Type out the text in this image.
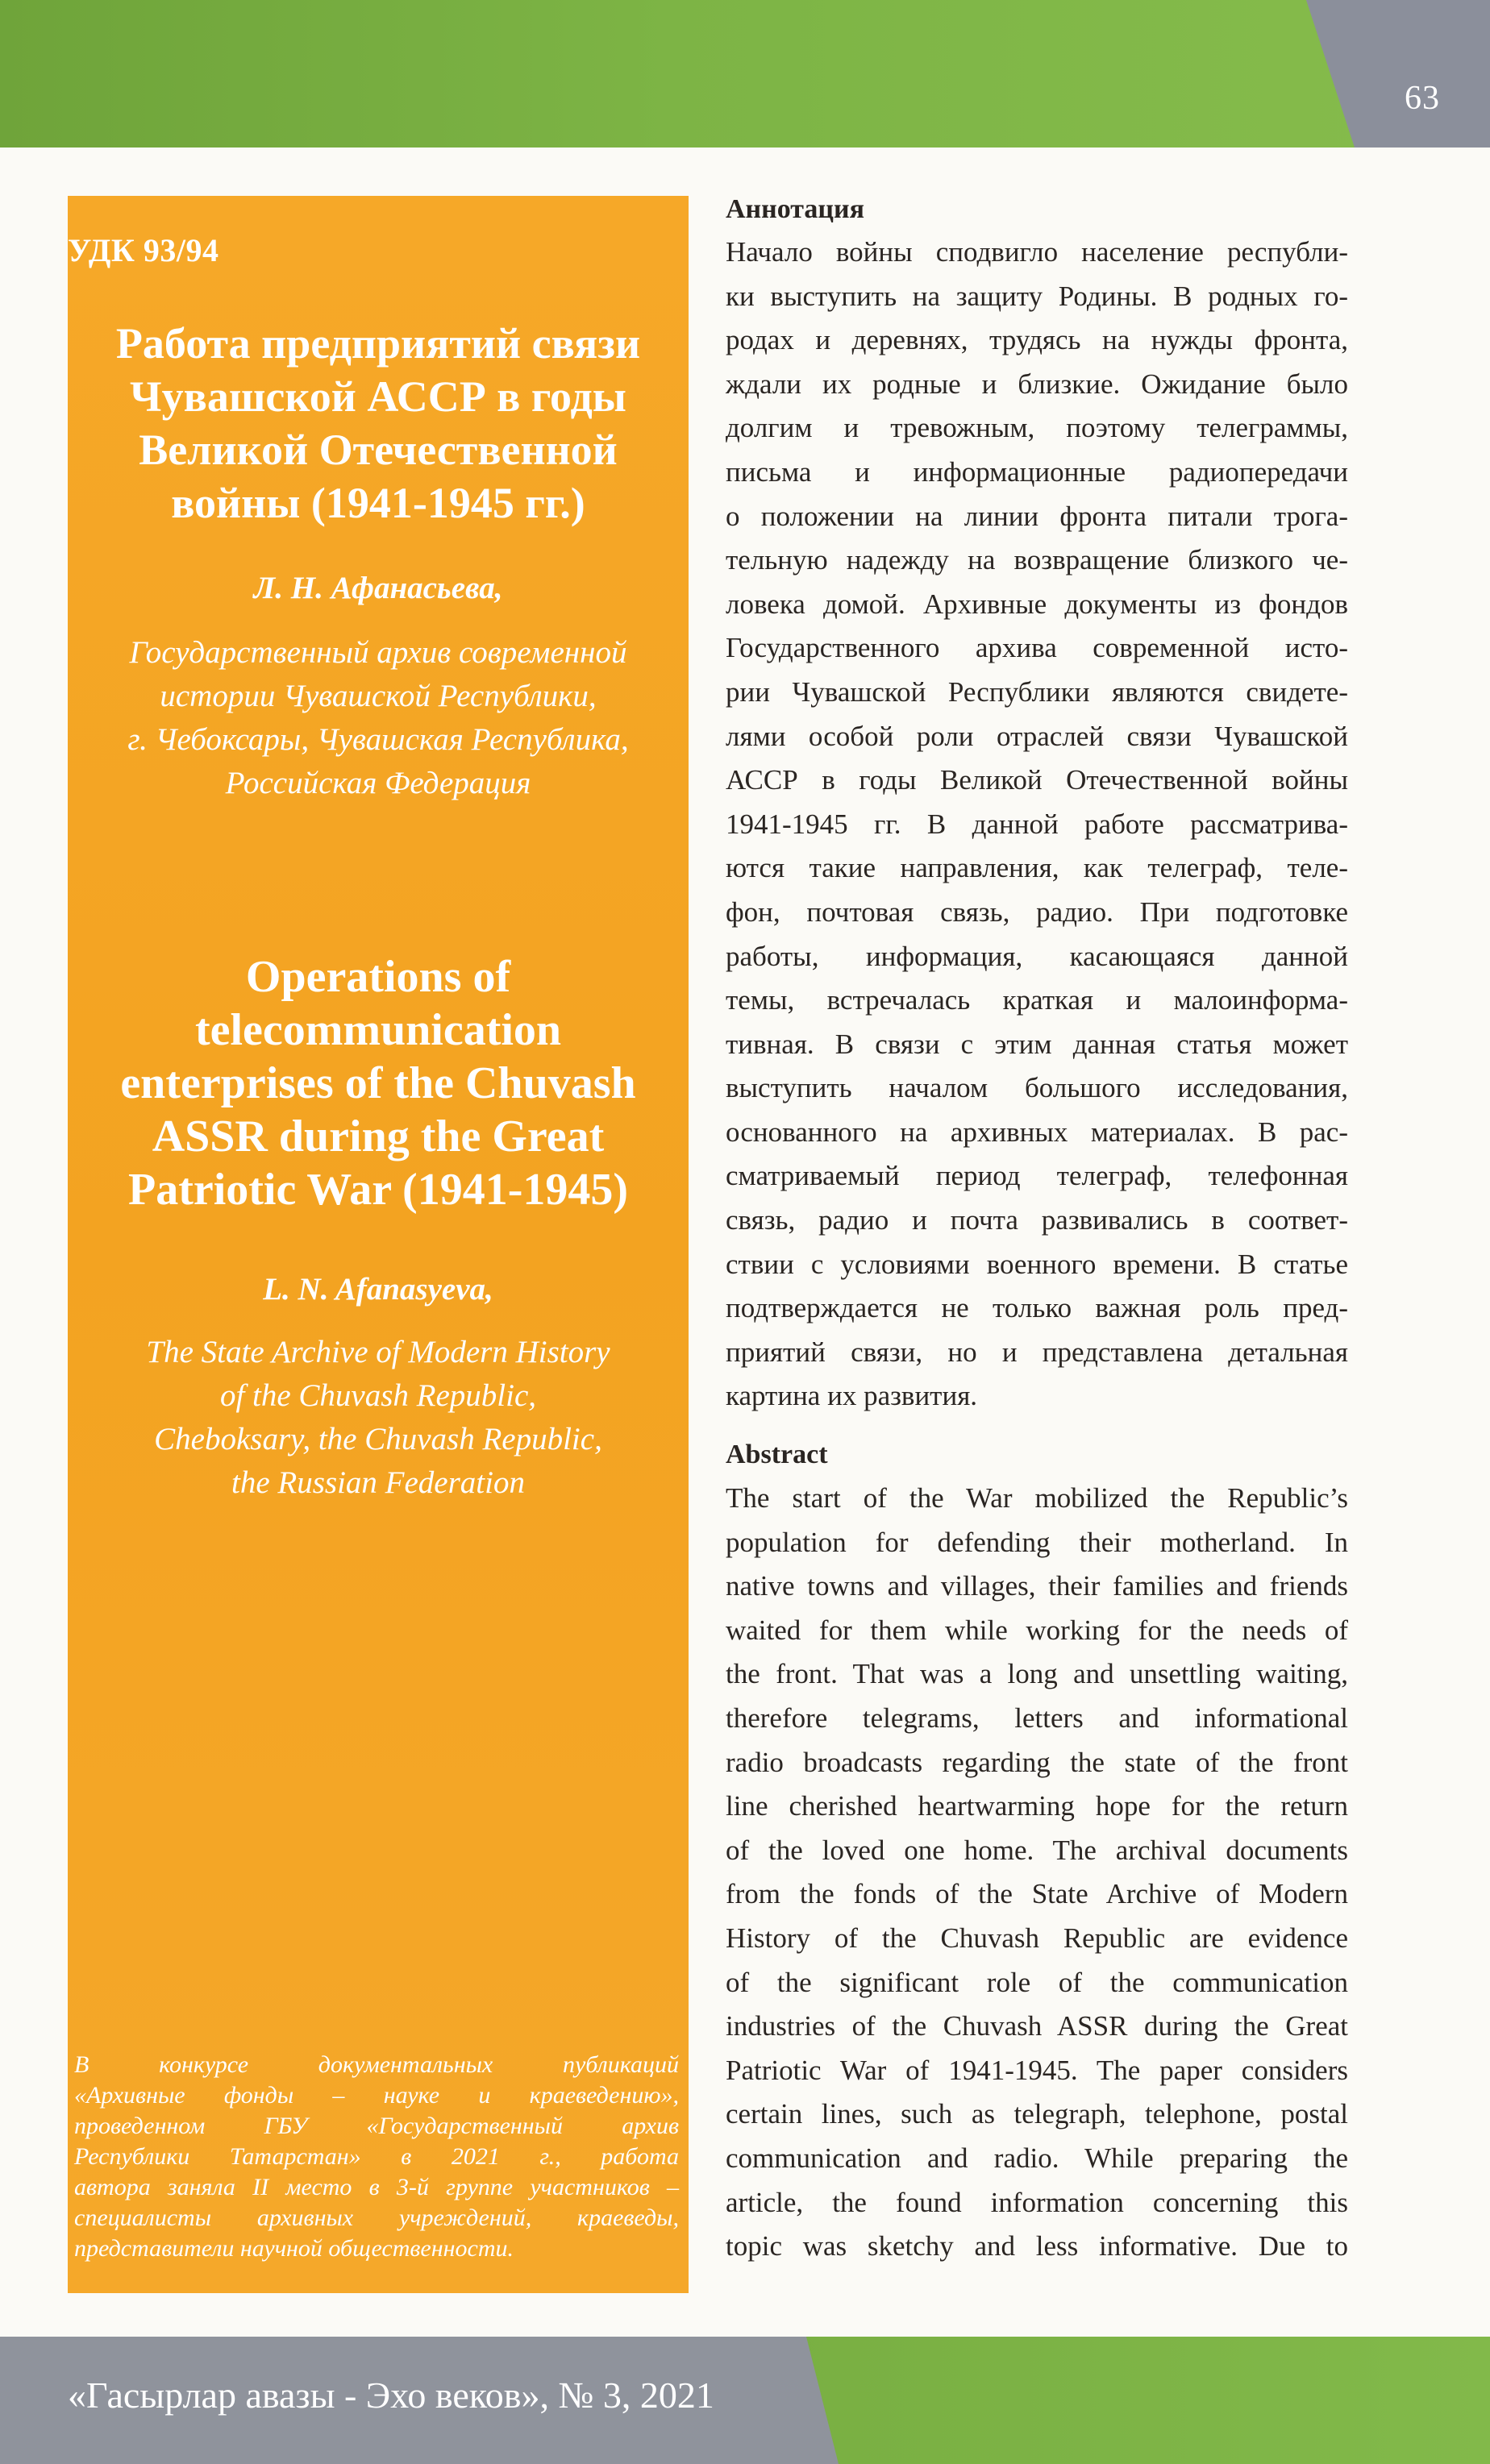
63
УДК 93/94
Работа предприятий связи
Чувашской АССР в годы
Великой Отечественной
войны (1941-1945 гг.)
Л. Н. Афанасьева,
Государственный архив современной
истории Чувашской Республики,
г. Чебоксары, Чувашская Республика,
Российская Федерация
Operations of
telecommunication
enterprises of the Chuvash
ASSR during the Great
Patriotic War (1941-1945)
L. N. Afanasyeva,
The State Archive of Modern History
of the Chuvash Republic,
Cheboksary, the Chuvash Republic,
the Russian Federation
В конкурсе документальных публикаций
«Архивные фонды – науке и краеведению»,
проведенном ГБУ «Государственный архив
Республики Татарстан» в 2021 г., работа
автора заняла II место в 3-й группе участников –
специалисты архивных учреждений, краеведы,
представители научной общественности.
Аннотация
Начало войны сподвигло население республи-
ки выступить на защиту Родины. В родных го-
родах и деревнях, трудясь на нужды фронта,
ждали их родные и близкие. Ожидание было
долгим и тревожным, поэтому телеграммы,
письма и информационные радиопередачи
о положении на линии фронта питали трога-
тельную надежду на возвращение близкого че-
ловека домой. Архивные документы из фондов
Государственного архива современной исто-
рии Чувашской Республики являются свидете-
лями особой роли отраслей связи Чувашской
АССР в годы Великой Отечественной войны
1941-1945 гг. В данной работе рассматрива-
ются такие направления, как телеграф, теле-
фон, почтовая связь, радио. При подготовке
работы, информация, касающаяся данной
темы, встречалась краткая и малоинформа-
тивная. В связи с этим данная статья может
выступить началом большого исследования,
основанного на архивных материалах. В рас-
сматриваемый период телеграф, телефонная
связь, радио и почта развивались в соответ-
ствии с условиями военного времени. В статье
подтверждается не только важная роль пред-
приятий связи, но и представлена детальная
картина их развития.
Abstract
The start of the War mobilized the Republic’s
population for defending their motherland. In
native towns and villages, their families and friends
waited for them while working for the needs of
the front. That was a long and unsettling waiting,
therefore telegrams, letters and informational
radio broadcasts regarding the state of the front
line cherished heartwarming hope for the return
of the loved one home. The archival documents
from the fonds of the State Archive of Modern
History of the Chuvash Republic are evidence
of the significant role of the communication
industries of the Chuvash ASSR during the Great
Patriotic War of 1941-1945. The paper considers
certain lines, such as telegraph, telephone, postal
communication and radio. While preparing the
article, the found information concerning this
topic was sketchy and less informative. Due to
«Гасырлар авазы - Эхо веков», № 3, 2021
